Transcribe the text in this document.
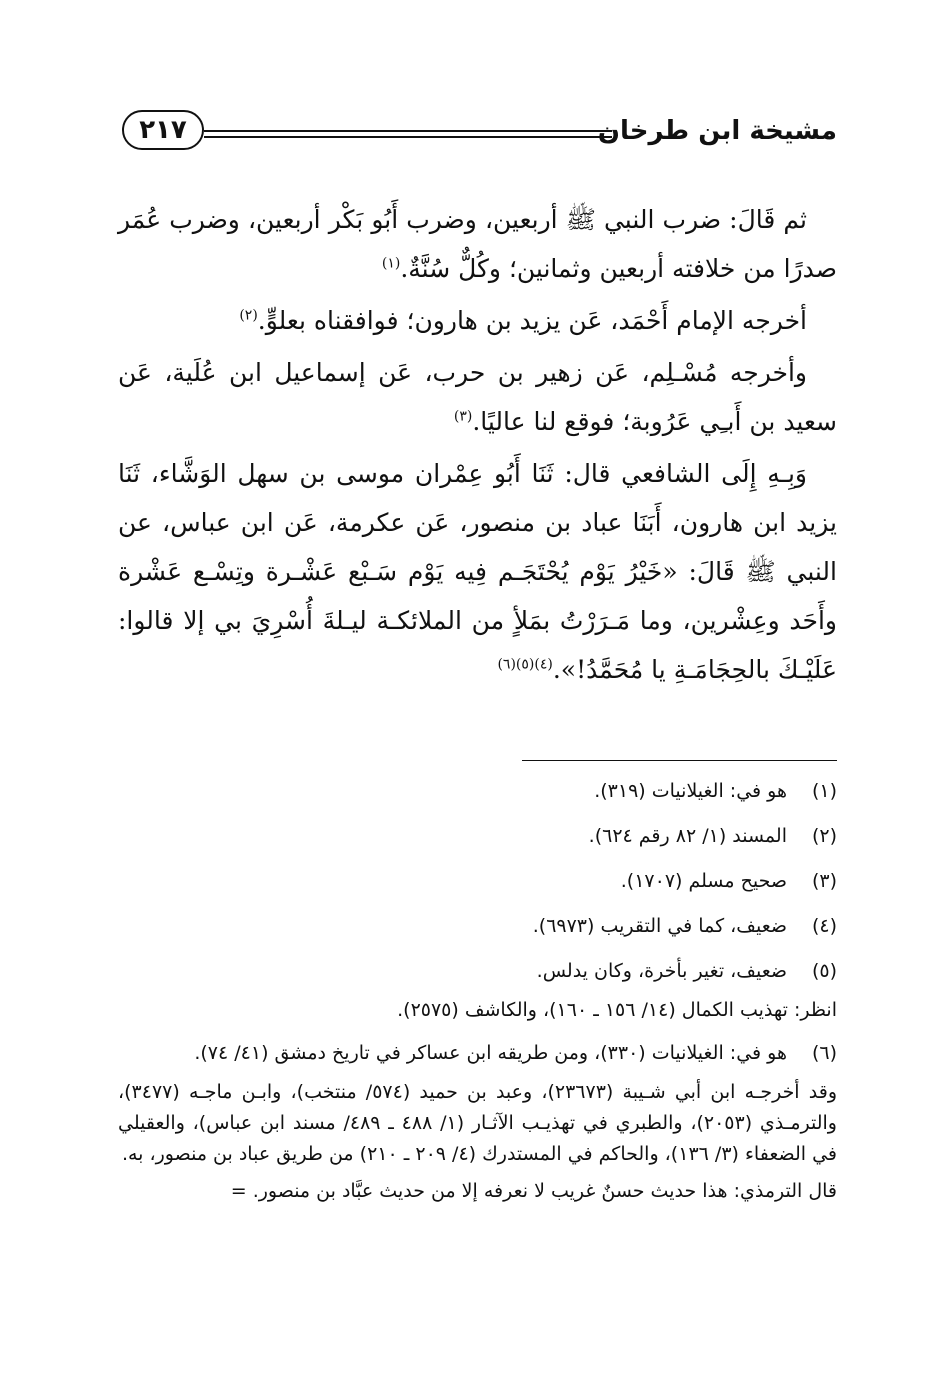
مشيخة ابن طرخان
٢١٧

ثم قَالَ: ضرب النبي ﷺ أربعين، وضرب أَبُو بَكْر أربعين، وضرب عُمَر صدرًا من خلافته أربعين وثمانين؛ وكُلٌّ سُنَّةٌ.$^{(١)}$

أخرجه الإمام أَحْمَد، عَن يزيد بن هارون؛ فوافقناه بعلوٍّ.$^{(٢)}$

وأخرجه مُسْـلِم، عَن زهير بن حرب، عَن إسماعيل ابن عُلَية، عَن سعيد بن أَبـِي عَرُوبة؛ فوقع لنا عاليًا.$^{(٣)}$

وَبِـهِ إِلَى الشافعي قال: ثَنَا أَبُو عِمْران موسى بن سهل الوَشَّاء، ثَنَا يزيد ابن هارون، أَبَنَا عباد بن منصور، عَن عكرمة، عَن ابن عباس، عن النبي ﷺ قَالَ: «خَيْرُ يَوْم يُحْتَجَـم فِيه يَوْم سَـبْع عَشْـرة وتِسْـع عَشْرة وأَحَد وعِشْرين، وما مَـرَرْتُ بمَلأٍ من الملائكـة ليـلةَ أُسْرِيَ بي إلا قالوا: عَلَيْـكَ بالحِجَامَـةِ يا مُحَمَّدُ!».$^{(٤)(٥)(٦)}$

(١)
هو في: الغيلانيات (٣١٩).
(٢)
المسند (١/ ٨٢ رقم ٦٢٤).
(٣)
صحيح مسلم (١٧٠٧).
(٤)
ضعيف، كما في التقريب (٦٩٧٣).
(٥)
ضعيف، تغير بأخرة، وكان يدلس.
انظر: تهذيب الكمال (١٤/ ١٥٦ ـ ١٦٠)، والكاشف (٢٥٧٥).
(٦)
هو في: الغيلانيات (٣٣٠)، ومن طريقه ابن عساكر في تاريخ دمشق (٤١/ ٧٤).
وقد أخرجـه ابن أبي شـيبة (٢٣٦٧٣)، وعبد بن حميد (٥٧٤/ منتخب)، وابـن ماجـه (٣٤٧٧)، والترمـذي (٢٠٥٣)، والطبري في تهذيـب الآثـار (١/ ٤٨٨ ـ ٤٨٩/ مسند ابن عباس)، والعقيلي في الضعفاء (٣/ ١٣٦)، والحاكم في المستدرك (٤/ ٢٠٩ ـ ٢١٠) من طريق عباد بن منصور، به.
قال الترمذي: هذا حديث حسنٌ غريب لا نعرفه إلا من حديث عبَّاد بن منصور. =
